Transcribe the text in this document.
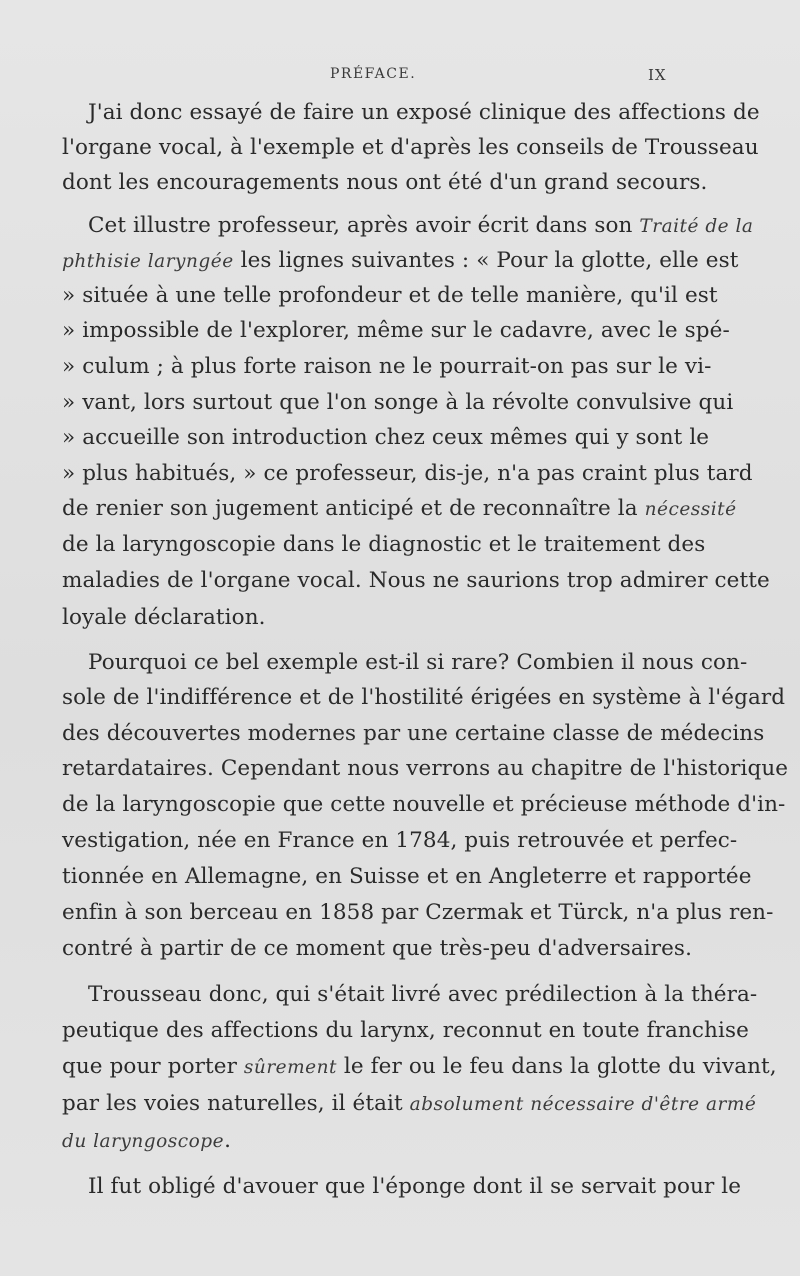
PRÉFACE.	IX
J'ai donc essayé de faire un exposé clinique des affections de
l'organe vocal, à l'exemple et d'après les conseils de Trousseau
dont les encouragements nous ont été d'un grand secours.
Cet illustre professeur, après avoir écrit dans son Traité de la
phthisie laryngée les lignes suivantes : « Pour la glotte, elle est
» située à une telle profondeur et de telle manière, qu'il est
» impossible de l'explorer, même sur le cadavre, avec le spé-
» culum ; à plus forte raison ne le pourrait-on pas sur le vi-
» vant, lors surtout que l'on songe à la révolte convulsive qui
» accueille son introduction chez ceux mêmes qui y sont le
» plus habitués, » ce professeur, dis-je, n'a pas craint plus tard
de renier son jugement anticipé et de reconnaître la nécessité
de la laryngoscopie dans le diagnostic et le traitement des
maladies de l'organe vocal. Nous ne saurions trop admirer cette
loyale déclaration.
Pourquoi ce bel exemple est-il si rare? Combien il nous con-
sole de l'indifférence et de l'hostilité érigées en système à l'égard
des découvertes modernes par une certaine classe de médecins
retardataires. Cependant nous verrons au chapitre de l'historique
de la laryngoscopie que cette nouvelle et précieuse méthode d'in-
vestigation, née en France en 1784, puis retrouvée et perfec-
tionnée en Allemagne, en Suisse et en Angleterre et rapportée
enfin à son berceau en 1858 par Czermak et Türck, n'a plus ren-
contré à partir de ce moment que très-peu d'adversaires.
Trousseau donc, qui s'était livré avec prédilection à la théra-
peutique des affections du larynx, reconnut en toute franchise
que pour porter sûrement le fer ou le feu dans la glotte du vivant,
par les voies naturelles, il était absolument nécessaire d'être armé
du laryngoscope.
Il fut obligé d'avouer que l'éponge dont il se servait pour le
